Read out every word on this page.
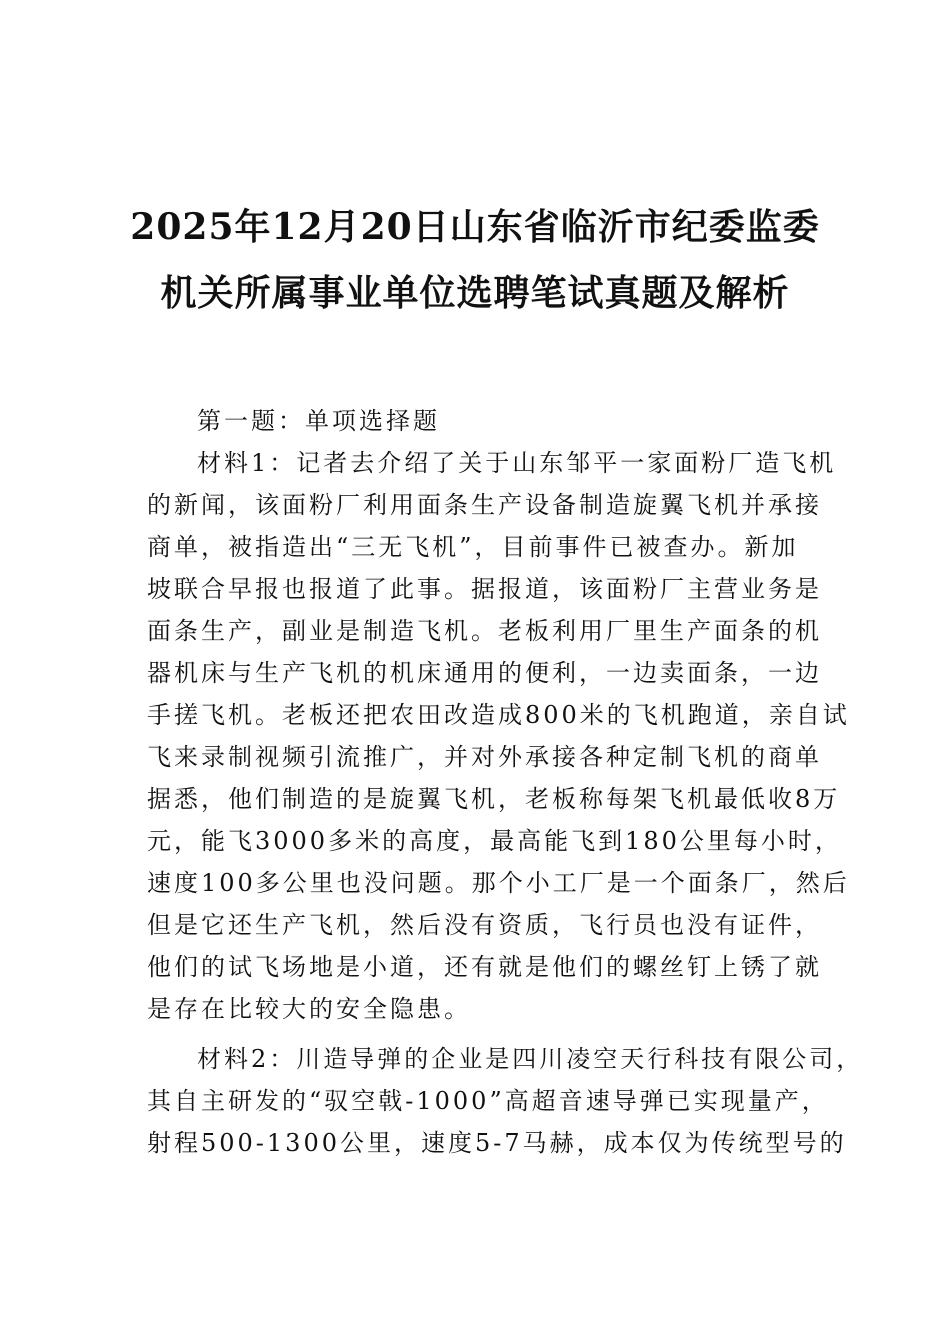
2025年12月20日山东省临沂市纪委监委
机关所属事业单位选聘笔试真题及解析
第一题：单项选择题
材料1：记者去介绍了关于山东邹平一家面粉厂造飞机
的新闻，该面粉厂利用面条生产设备制造旋翼飞机并承接
商单，被指造出“三无飞机”，目前事件已被查办。新加
坡联合早报也报道了此事。据报道，该面粉厂主营业务是
面条生产，副业是制造飞机。老板利用厂里生产面条的机
器机床与生产飞机的机床通用的便利，一边卖面条，一边
手搓飞机。老板还把农田改造成800米的飞机跑道，亲自试
飞来录制视频引流推广，并对外承接各种定制飞机的商单
据悉，他们制造的是旋翼飞机，老板称每架飞机最低收8万
元，能飞3000多米的高度，最高能飞到180公里每小时，
速度100多公里也没问题。那个小工厂是一个面条厂，然后
但是它还生产飞机，然后没有资质，飞行员也没有证件，
他们的试飞场地是小道，还有就是他们的螺丝钉上锈了就
是存在比较大的安全隐患。
材料2：川造导弹的企业是四川凌空天行科技有限公司，
其自主研发的“驭空戟-1000”高超音速导弹已实现量产，
射程500-1300公里，速度5-7马赫，成本仅为传统型号的
